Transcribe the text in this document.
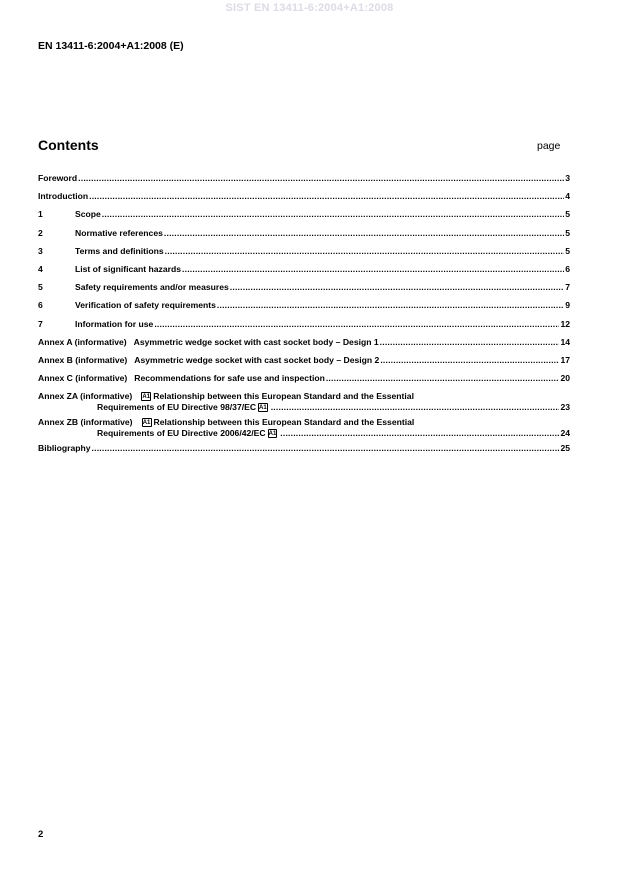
SIST EN 13411-6:2004+A1:2008
EN 13411-6:2004+A1:2008 (E)
Contents	page
Foreword .....	3
Introduction .....	4
1	Scope .....	5
2	Normative references .....	5
3	Terms and definitions .....	5
4	List of significant hazards .....	6
5	Safety requirements and/or measures .....	7
6	Verification of safety requirements .....	9
7	Information for use .....	12
Annex A (informative) Asymmetric wedge socket with cast socket body – Design 1 .....	14
Annex B (informative) Asymmetric wedge socket with cast socket body – Design 2 .....	17
Annex C (informative) Recommendations for safe use and inspection .....	20
Annex ZA (informative) A1 Relationship between this European Standard and the Essential
Requirements of EU Directive 98/37/EC A1 .....	23
Annex ZB (informative) A1 Relationship between this European Standard and the Essential
Requirements of EU Directive 2006/42/EC A1 .....	24
Bibliography .....	25
2
